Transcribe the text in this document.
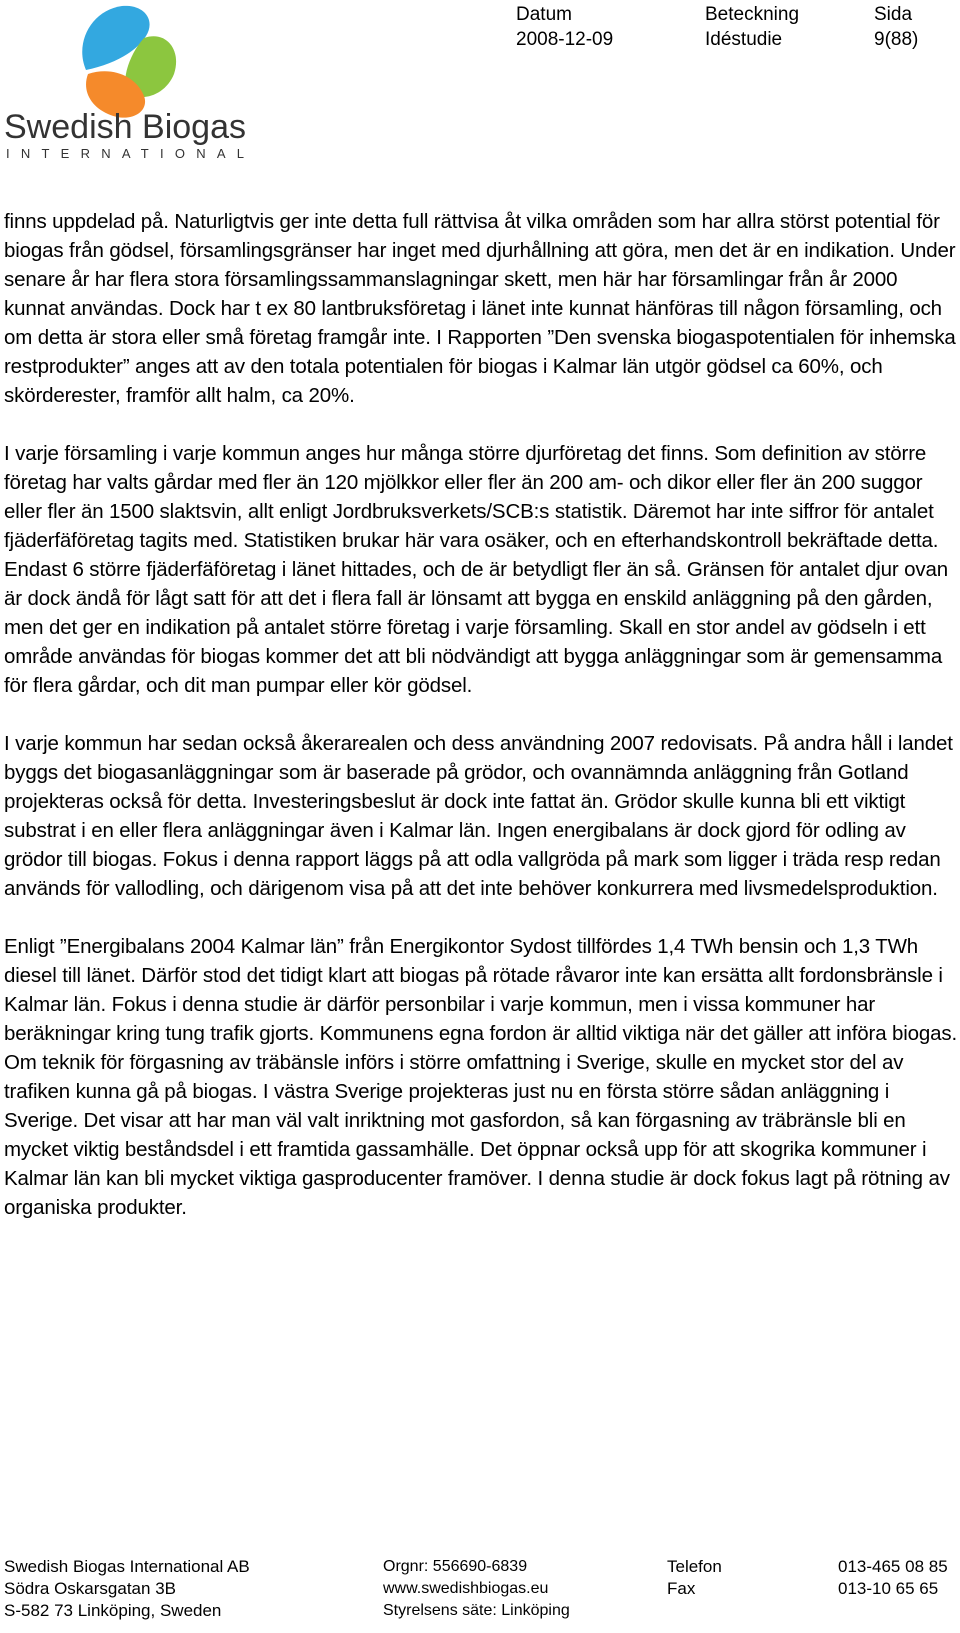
Swedish Biogas
INTERNATIONAL
Datum
2008-12-09
Beteckning
Idéstudie
Sida
9(88)

finns uppdelad på. Naturligtvis ger inte detta full rättvisa åt vilka områden som har allra störst potential för biogas från gödsel, församlingsgränser har inget med djurhållning att göra, men det är en indikation. Under senare år har flera stora församlingssammanslagningar skett, men här har församlingar från år 2000 kunnat användas. Dock har t ex 80 lantbruksföretag i länet inte kunnat hänföras till någon församling, och om detta är stora eller små företag framgår inte. I Rapporten ”Den svenska biogaspotentialen för inhemska restprodukter” anges att av den totala potentialen för biogas i Kalmar län utgör gödsel ca 60%, och skörderester, framför allt halm, ca 20%.

I varje församling i varje kommun anges hur många större djurföretag det finns. Som definition av större företag har valts gårdar med fler än 120 mjölkkor eller fler än 200 am- och dikor eller fler än 200 suggor eller fler än 1500 slaktsvin, allt enligt Jordbruksverkets/SCB:s statistik. Däremot har inte siffror för antalet fjäderfäföretag tagits med. Statistiken brukar här vara osäker, och en efterhandskontroll bekräftade detta. Endast 6 större fjäderfäföretag i länet hittades, och de är betydligt fler än så. Gränsen för antalet djur ovan är dock ändå för lågt satt för att det i flera fall är lönsamt att bygga en enskild anläggning på den gården, men det ger en indikation på antalet större företag i varje församling. Skall en stor andel av gödseln i ett område användas för biogas kommer det att bli nödvändigt att bygga anläggningar som är gemensamma för flera gårdar, och dit man pumpar eller kör gödsel.

I varje kommun har sedan också åkerarealen och dess användning 2007 redovisats. På andra håll i landet byggs det biogasanläggningar som är baserade på grödor, och ovannämnda anläggning från Gotland projekteras också för detta. Investeringsbeslut är dock inte fattat än. Grödor skulle kunna bli ett viktigt substrat i en eller flera anläggningar även i Kalmar län. Ingen energibalans är dock gjord för odling av grödor till biogas. Fokus i denna rapport läggs på att odla vallgröda på mark som ligger i träda resp redan används för vallodling, och därigenom visa på att det inte behöver konkurrera med livsmedelsproduktion.

Enligt ”Energibalans 2004 Kalmar län” från Energikontor Sydost tillfördes 1,4 TWh bensin och 1,3 TWh diesel till länet. Därför stod det tidigt klart att biogas på rötade råvaror inte kan ersätta allt fordonsbränsle i Kalmar län. Fokus i denna studie är därför personbilar i varje kommun, men i vissa kommuner har beräkningar kring tung trafik gjorts. Kommunens egna fordon är alltid viktiga när det gäller att införa biogas. Om teknik för förgasning av träbänsle införs i större omfattning i Sverige, skulle en mycket stor del av trafiken kunna gå på biogas. I västra Sverige projekteras just nu en första större sådan anläggning i Sverige. Det visar att har man väl valt inriktning mot gasfordon, så kan förgasning av träbränsle bli en mycket viktig beståndsdel i ett framtida gassamhälle. Det öppnar också upp för att skogrika kommuner i Kalmar län kan bli mycket viktiga gasproducenter framöver. I denna studie är dock fokus lagt på rötning av organiska produkter.

Swedish Biogas International AB
Södra Oskarsgatan 3B
S-582 73 Linköping, Sweden
Orgnr: 556690-6839
www.swedishbiogas.eu
Styrelsens säte: Linköping
Telefon
Fax
013-465 08 85
013-10 65 65
